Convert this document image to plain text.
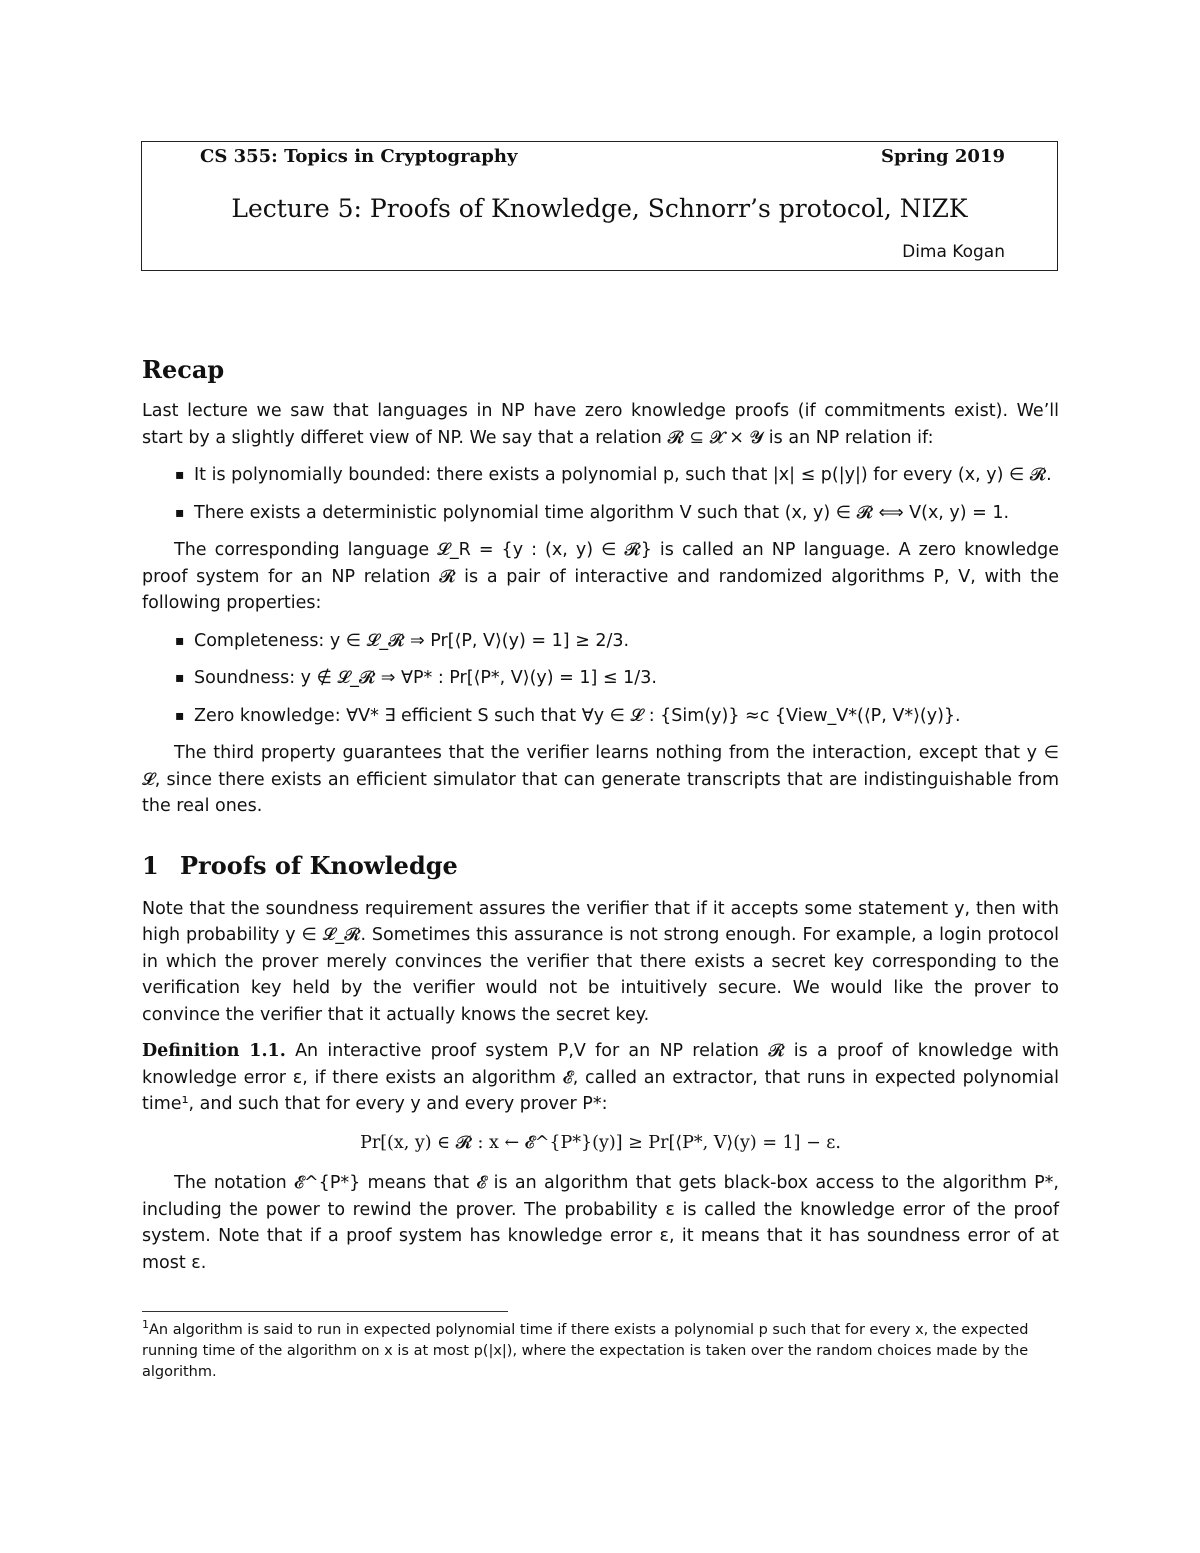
CS 355: Topics in Cryptography	Spring 2019
Lecture 5: Proofs of Knowledge, Schnorr’s protocol, NIZK
Dima Kogan
Recap

Last lecture we saw that languages in NP have zero knowledge proofs (if commitments exist). We’ll start by a slightly differet view of NP. We say that a relation 𝓡 ⊆ 𝓧 × 𝓨 is an NP relation if:

▪ It is polynomially bounded: there exists a polynomial p, such that |x| ≤ p(|y|) for every (x, y) ∈ 𝓡.
▪ There exists a deterministic polynomial time algorithm V such that (x, y) ∈ 𝓡 ⟺ V(x, y) = 1.

The corresponding language 𝓛_R = {y : (x, y) ∈ 𝓡} is called an NP language. A zero knowledge proof system for an NP relation 𝓡 is a pair of interactive and randomized algorithms P, V, with the following properties:

▪ Completeness: y ∈ 𝓛_𝓡 ⇒ Pr[⟨P, V⟩(y) = 1] ≥ 2/3.
▪ Soundness: y ∉ 𝓛_𝓡 ⇒ ∀P* : Pr[⟨P*, V⟩(y) = 1] ≤ 1/3.
▪ Zero knowledge: ∀V* ∃ efficient S such that ∀y ∈ 𝓛 : {Sim(y)} ≈c {View_V*(⟨P, V*⟩(y)}.

The third property guarantees that the verifier learns nothing from the interaction, except that y ∈ 𝓛, since there exists an efficient simulator that can generate transcripts that are indistinguishable from the real ones.

1 Proofs of Knowledge

Note that the soundness requirement assures the verifier that if it accepts some statement y, then with high probability y ∈ 𝓛_𝓡. Sometimes this assurance is not strong enough. For example, a login protocol in which the prover merely convinces the verifier that there exists a secret key corresponding to the verification key held by the verifier would not be intuitively secure. We would like the prover to convince the verifier that it actually knows the secret key.

Definition 1.1. An interactive proof system P,V for an NP relation 𝓡 is a proof of knowledge with knowledge error ε, if there exists an algorithm 𝓔, called an extractor, that runs in expected polynomial time¹, and such that for every y and every prover P*:

Pr[(x, y) ∈ 𝓡 : x ← 𝓔^{P*}(y)] ≥ Pr[⟨P*, V⟩(y) = 1] − ε.

The notation 𝓔^{P*} means that 𝓔 is an algorithm that gets black-box access to the algorithm P*, including the power to rewind the prover. The probability ε is called the knowledge error of the proof system. Note that if a proof system has knowledge error ε, it means that it has soundness error of at most ε.

$^1$An algorithm is said to run in expected polynomial time if there exists a polynomial p such that for every x, the expected running time of the algorithm on x is at most p(|x|), where the expectation is taken over the random choices made by the algorithm.
